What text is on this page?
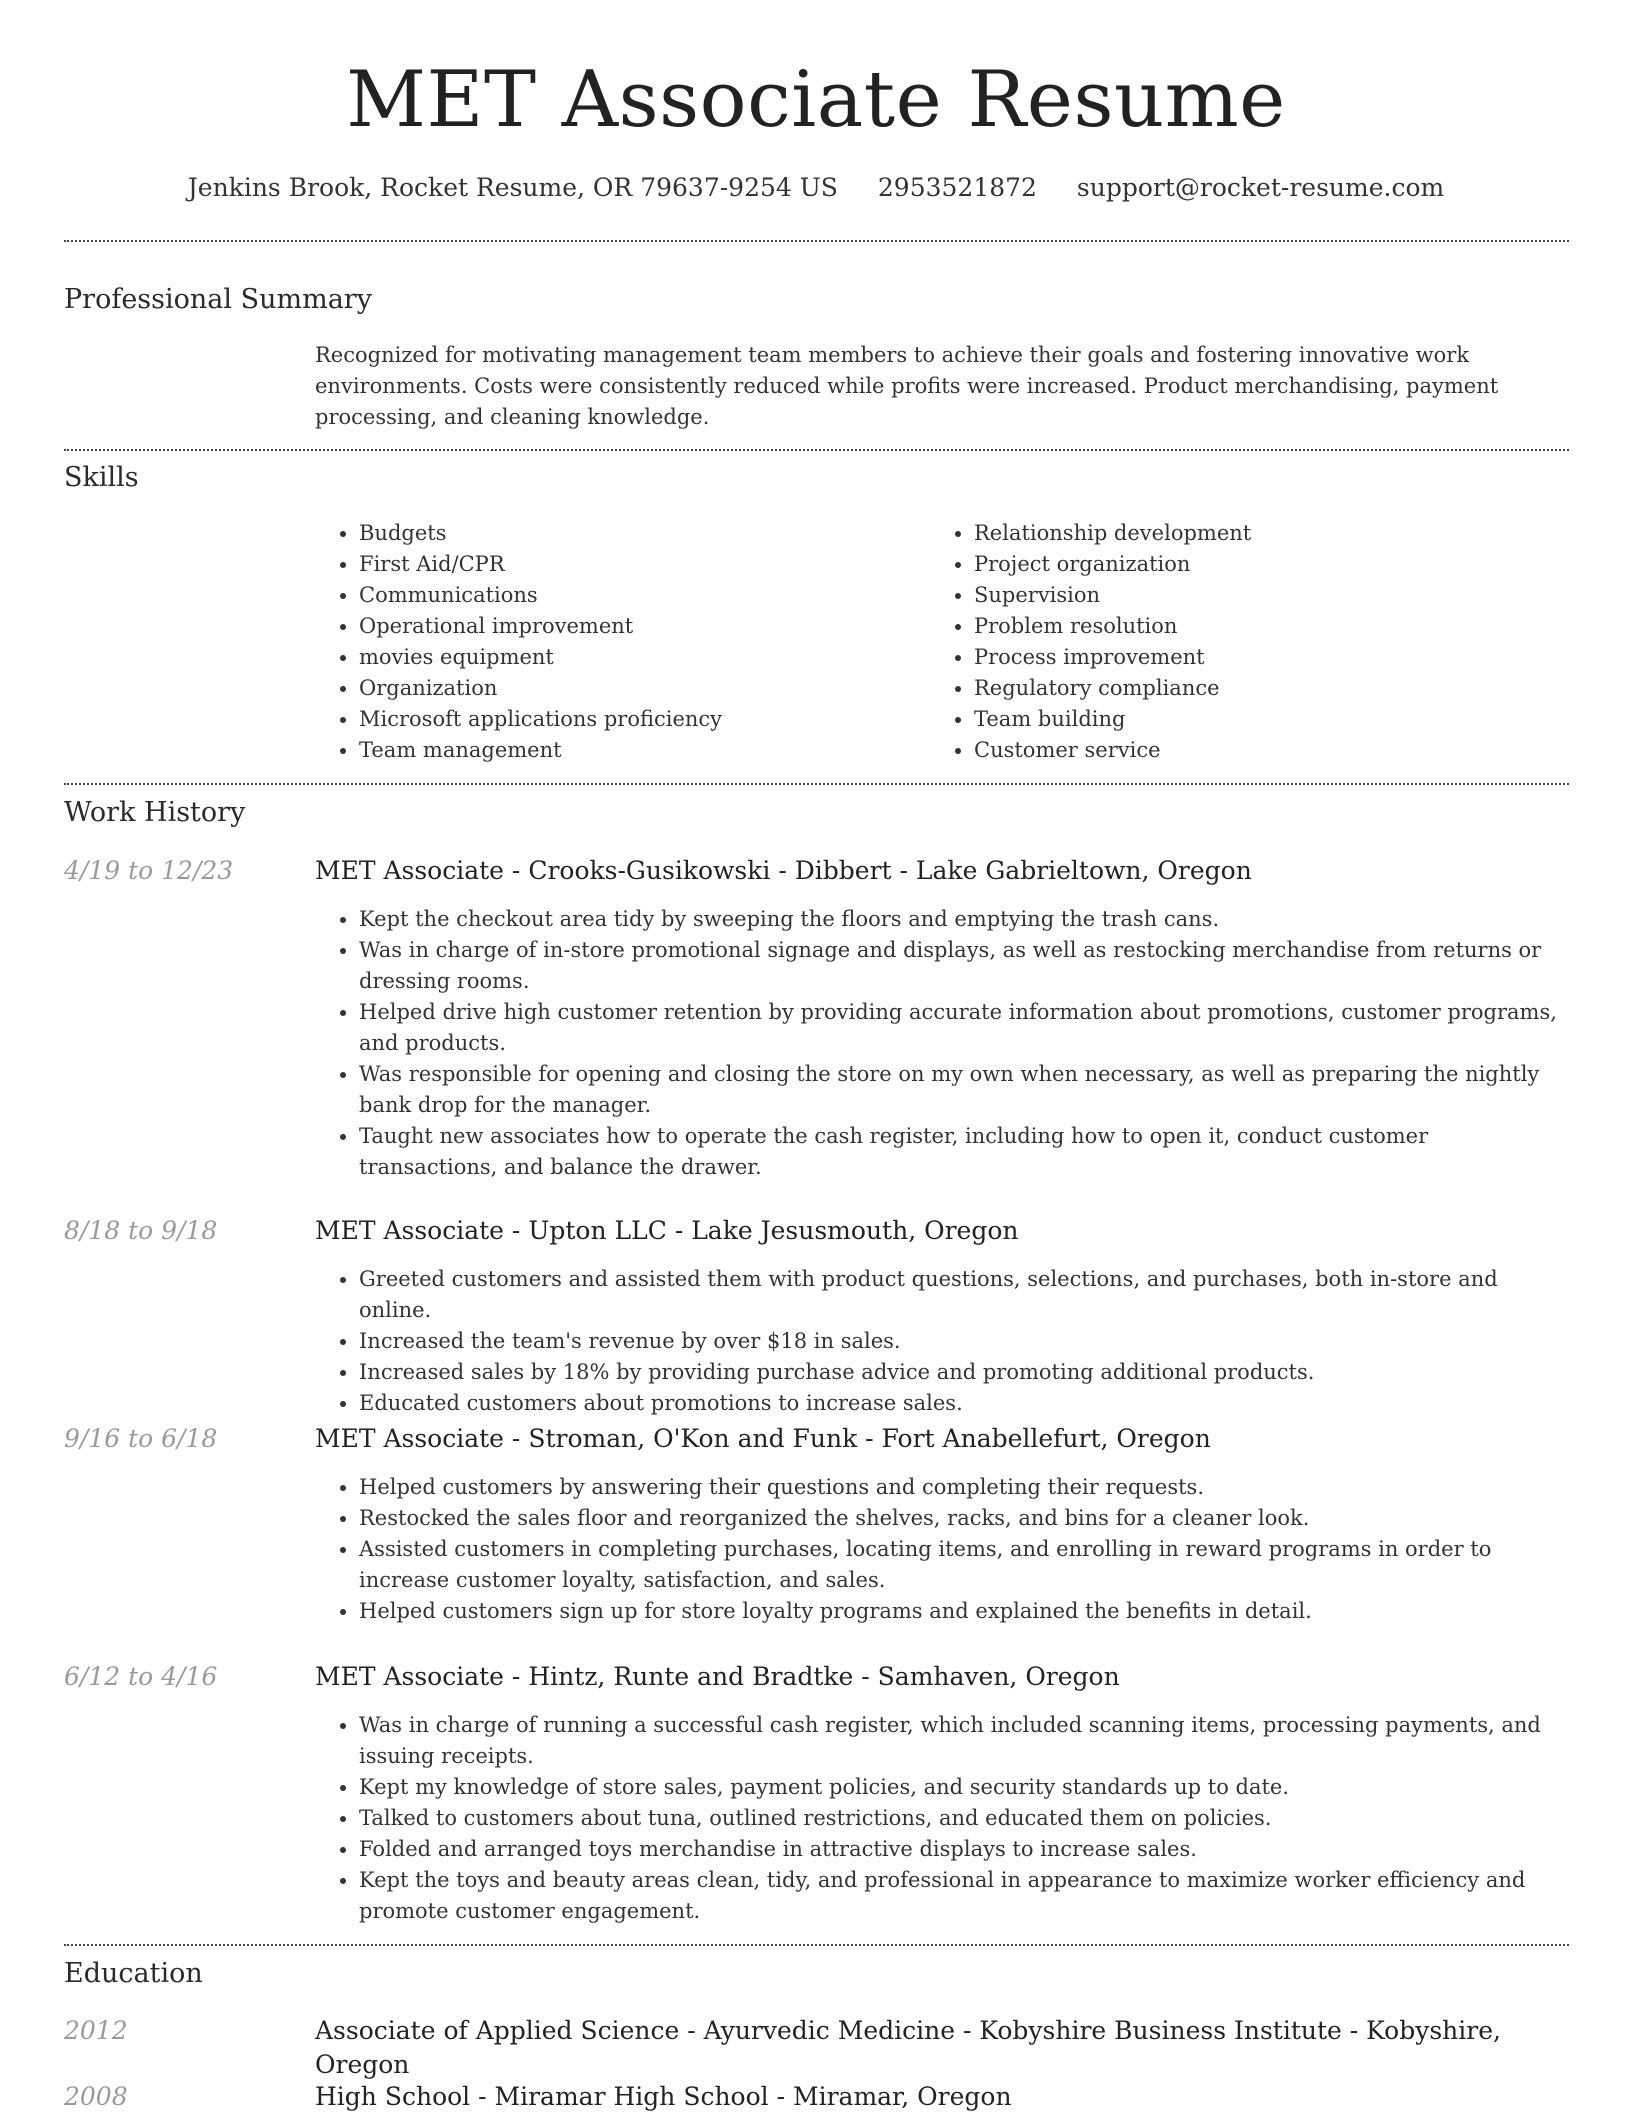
MET Associate Resume
Jenkins Brook, Rocket Resume, OR 79637-9254 US 2953521872 support@rocket-resume.com
Professional Summary
Recognized for motivating management team members to achieve their goals and fostering innovative work environments. Costs were consistently reduced while profits were increased. Product merchandising, payment processing, and cleaning knowledge.
Skills
• Budgets
• First Aid/CPR
• Communications
• Operational improvement
• movies equipment
• Organization
• Microsoft applications proficiency
• Team management
• Relationship development
• Project organization
• Supervision
• Problem resolution
• Process improvement
• Regulatory compliance
• Team building
• Customer service
Work History
4/19 to 12/23	MET Associate - Crooks-Gusikowski - Dibbert - Lake Gabrieltown, Oregon
• Kept the checkout area tidy by sweeping the floors and emptying the trash cans.
• Was in charge of in-store promotional signage and displays, as well as restocking merchandise from returns or dressing rooms.
• Helped drive high customer retention by providing accurate information about promotions, customer programs, and products.
• Was responsible for opening and closing the store on my own when necessary, as well as preparing the nightly bank drop for the manager.
• Taught new associates how to operate the cash register, including how to open it, conduct customer transactions, and balance the drawer.
8/18 to 9/18	MET Associate - Upton LLC - Lake Jesusmouth, Oregon
• Greeted customers and assisted them with product questions, selections, and purchases, both in-store and online.
• Increased the team's revenue by over $18 in sales.
• Increased sales by 18% by providing purchase advice and promoting additional products.
• Educated customers about promotions to increase sales.
9/16 to 6/18	MET Associate - Stroman, O'Kon and Funk - Fort Anabellefurt, Oregon
• Helped customers by answering their questions and completing their requests.
• Restocked the sales floor and reorganized the shelves, racks, and bins for a cleaner look.
• Assisted customers in completing purchases, locating items, and enrolling in reward programs in order to increase customer loyalty, satisfaction, and sales.
• Helped customers sign up for store loyalty programs and explained the benefits in detail.
6/12 to 4/16	MET Associate - Hintz, Runte and Bradtke - Samhaven, Oregon
• Was in charge of running a successful cash register, which included scanning items, processing payments, and issuing receipts.
• Kept my knowledge of store sales, payment policies, and security standards up to date.
• Talked to customers about tuna, outlined restrictions, and educated them on policies.
• Folded and arranged toys merchandise in attractive displays to increase sales.
• Kept the toys and beauty areas clean, tidy, and professional in appearance to maximize worker efficiency and promote customer engagement.
Education
2012	Associate of Applied Science - Ayurvedic Medicine - Kobyshire Business Institute - Kobyshire, Oregon
2008	High School - Miramar High School - Miramar, Oregon
